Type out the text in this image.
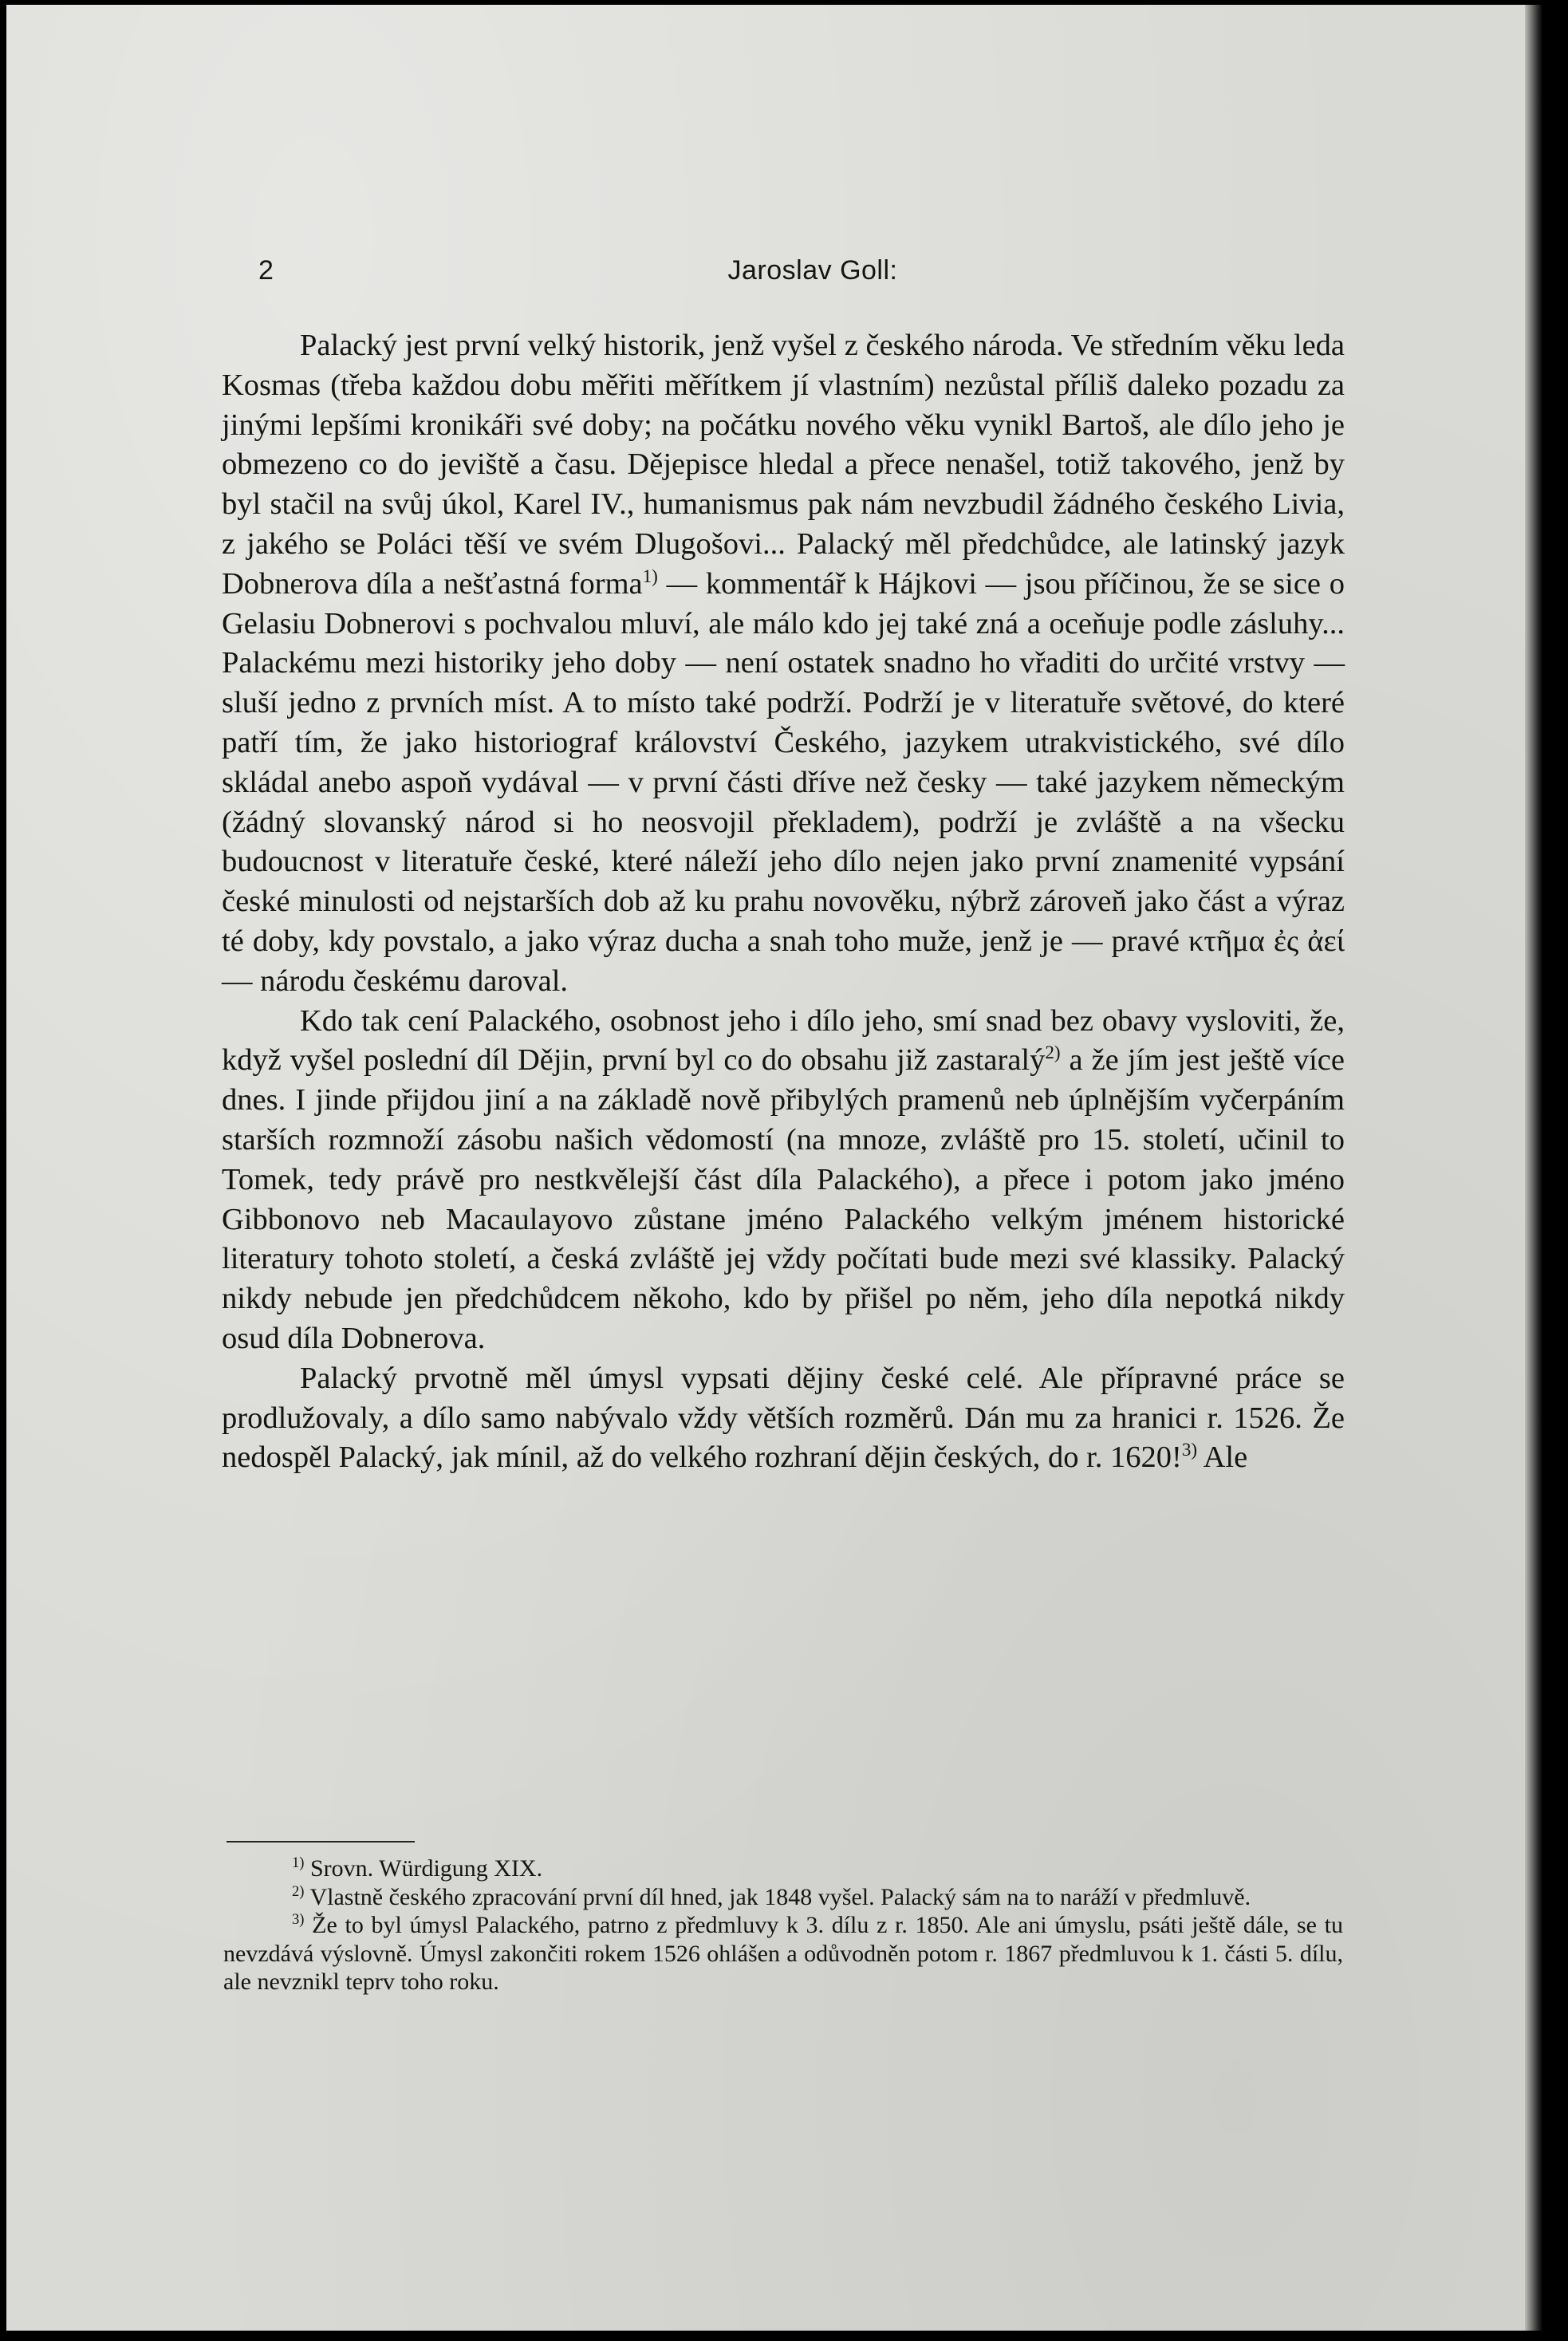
2	Jaroslav Goll:

Palacký jest první velký historik, jenž vyšel z českého národa. Ve středním věku leda Kosmas (třeba každou dobu měřiti měřítkem jí vlastním) nezůstal příliš daleko pozadu za jinými lepšími kronikáři své doby; na počátku nového věku vynikl Bartoš, ale dílo jeho je obmezeno co do jeviště a času. Dějepisce hledal a přece nenašel, totiž takového, jenž by byl stačil na svůj úkol, Karel IV., humanismus pak nám nevzbudil žádného českého Livia, z jakého se Poláci těší ve svém Dlugošovi... Palacký měl předchůdce, ale latinský jazyk Dobnerova díla a nešťastná forma$^{1)}$ — kommentář k Hájkovi — jsou příčinou, že se sice o Gelasiu Dobnerovi s pochvalou mluví, ale málo kdo jej také zná a oceňuje podle zásluhy... Palackému mezi historiky jeho doby — není ostatek snadno ho vřaditi do určité vrstvy — sluší jedno z prvních míst. A to místo také podrží. Podrží je v literatuře světové, do které patří tím, že jako historiograf království Českého, jazykem utrakvistického, své dílo skládal anebo aspoň vydával — v první části dříve než česky — také jazykem německým (žádný slovanský národ si ho neosvojil překladem), podrží je zvláště a na všecku budoucnost v literatuře české, které náleží jeho dílo nejen jako první znamenité vypsání české minulosti od nejstarších dob až ku prahu novověku, nýbrž zároveň jako část a výraz té doby, kdy povstalo, a jako výraz ducha a snah toho muže, jenž je — pravé κτῆμα ἐς ἀεί — národu českému daroval.

Kdo tak cení Palackého, osobnost jeho i dílo jeho, smí snad bez obavy vysloviti, že, když vyšel poslední díl Dějin, první byl co do obsahu již zastaralý$^{2)}$ a že jím jest ještě více dnes. I jinde přijdou jiní a na základě nově přibylých pramenů neb úplnějším vyčerpáním starších rozmnoží zásobu našich vědomostí (na mnoze, zvláště pro 15. století, učinil to Tomek, tedy právě pro nestkvělejší část díla Palackého), a přece i potom jako jméno Gibbonovo neb Macaulayovo zůstane jméno Palackého velkým jménem historické literatury tohoto století, a česká zvláště jej vždy počítati bude mezi své klassiky. Palacký nikdy nebude jen předchůdcem někoho, kdo by přišel po něm, jeho díla nepotká nikdy osud díla Dobnerova.

Palacký prvotně měl úmysl vypsati dějiny české celé. Ale přípravné práce se prodlužovaly, a dílo samo nabývalo vždy větších rozměrů. Dán mu za hranici r. 1526. Že nedospěl Palacký, jak mínil, až do velkého rozhraní dějin českých, do r. 1620!$^{3)}$ Ale

$^{1)}$ Srovn. Würdigung XIX.

$^{2)}$ Vlastně českého zpracování první díl hned, jak 1848 vyšel. Palacký sám na to naráží v předmluvě.

$^{3)}$ Že to byl úmysl Palackého, patrno z předmluvy k 3. dílu z r. 1850. Ale ani úmyslu, psáti ještě dále, se tu nevzdává výslovně. Úmysl zakončiti rokem 1526 ohlášen a odůvodněn potom r. 1867 předmluvou k 1. části 5. dílu, ale nevznikl teprv toho roku.
